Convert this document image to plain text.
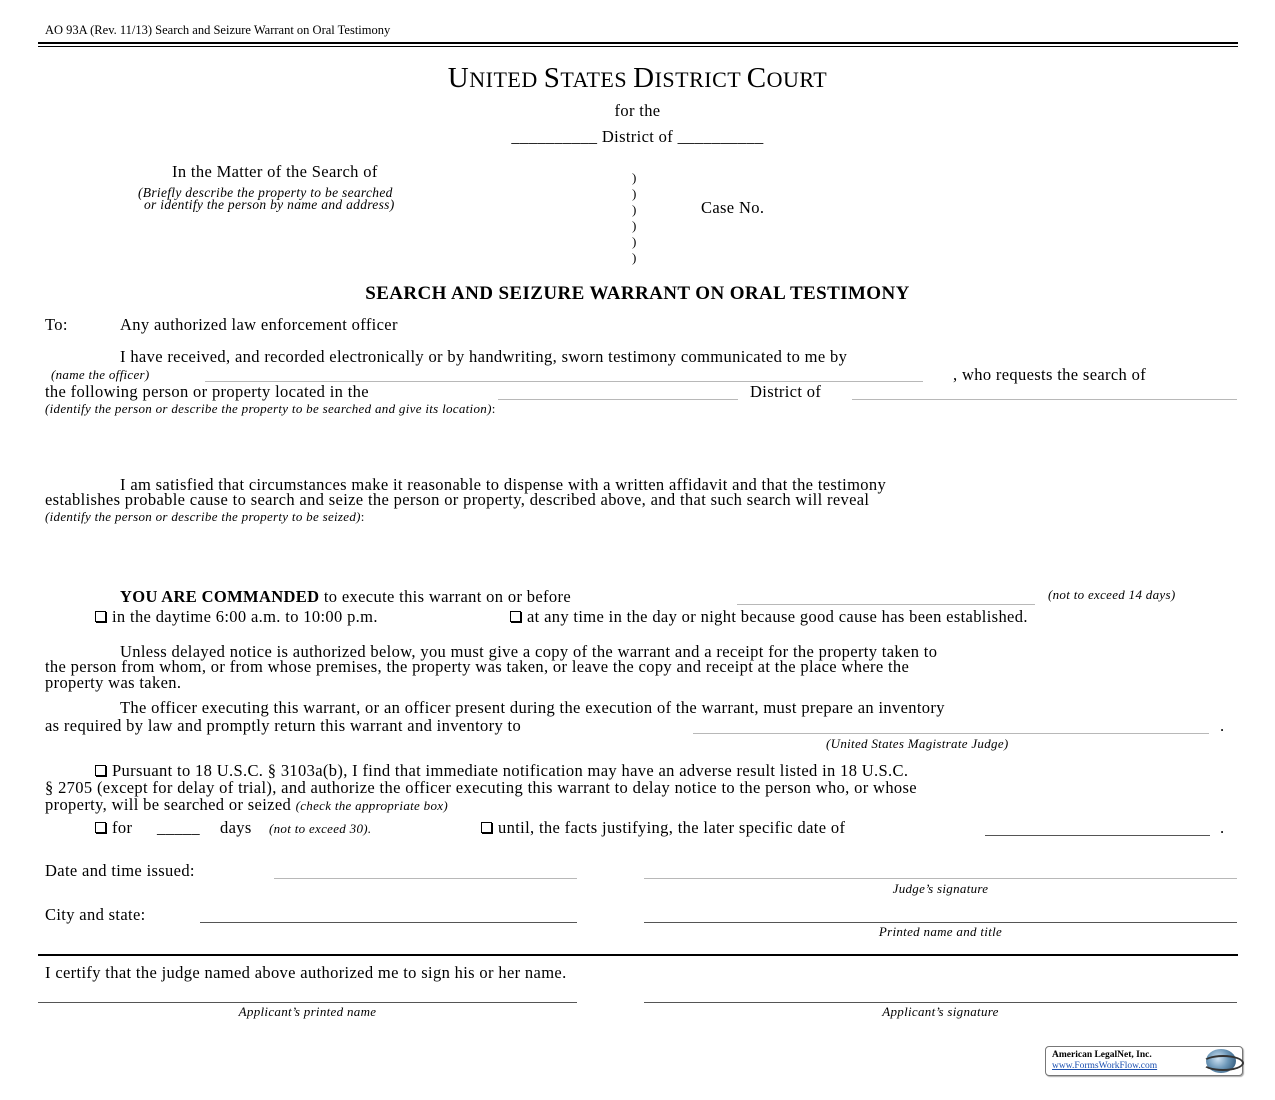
AO 93A (Rev. 11/13) Search and Seizure Warrant on Oral Testimony
UNITED STATES DISTRICT COURT
for the
__________ District of __________
In the Matter of the Search of
(Briefly describe the property to be searched
or identify the person by name and address)
)
)
)
)
)
)
Case No.
SEARCH AND SEIZURE WARRANT ON ORAL TESTIMONY
To:	Any authorized law enforcement officer
I have received, and recorded electronically or by handwriting, sworn testimony communicated to me by
(name the officer)	, who requests the search of
the following person or property located in the	District of
(identify the person or describe the property to be searched and give its location):
I am satisfied that circumstances make it reasonable to dispense with a written affidavit and that the testimony
establishes probable cause to search and seize the person or property, described above, and that such search will reveal
(identify the person or describe the property to be seized):
YOU ARE COMMANDED to execute this warrant on or before	(not to exceed 14 days)
in the daytime 6:00 a.m. to 10:00 p.m.	at any time in the day or night because good cause has been established.
Unless delayed notice is authorized below, you must give a copy of the warrant and a receipt for the property taken to
the person from whom, or from whose premises, the property was taken, or leave the copy and receipt at the place where the
property was taken.
The officer executing this warrant, or an officer present during the execution of the warrant, must prepare an inventory
as required by law and promptly return this warrant and inventory to	.
(United States Magistrate Judge)
Pursuant to 18 U.S.C. § 3103a(b), I find that immediate notification may have an adverse result listed in 18 U.S.C.
§ 2705 (except for delay of trial), and authorize the officer executing this warrant to delay notice to the person who, or whose
property, will be searched or seized (check the appropriate box)
for _____ days (not to exceed 30).	until, the facts justifying, the later specific date of	.
Date and time issued:
Judge’s signature
City and state:
Printed name and title
I certify that the judge named above authorized me to sign his or her name.
Applicant’s printed name	Applicant’s signature
American LegalNet, Inc.
www.FormsWorkFlow.com
